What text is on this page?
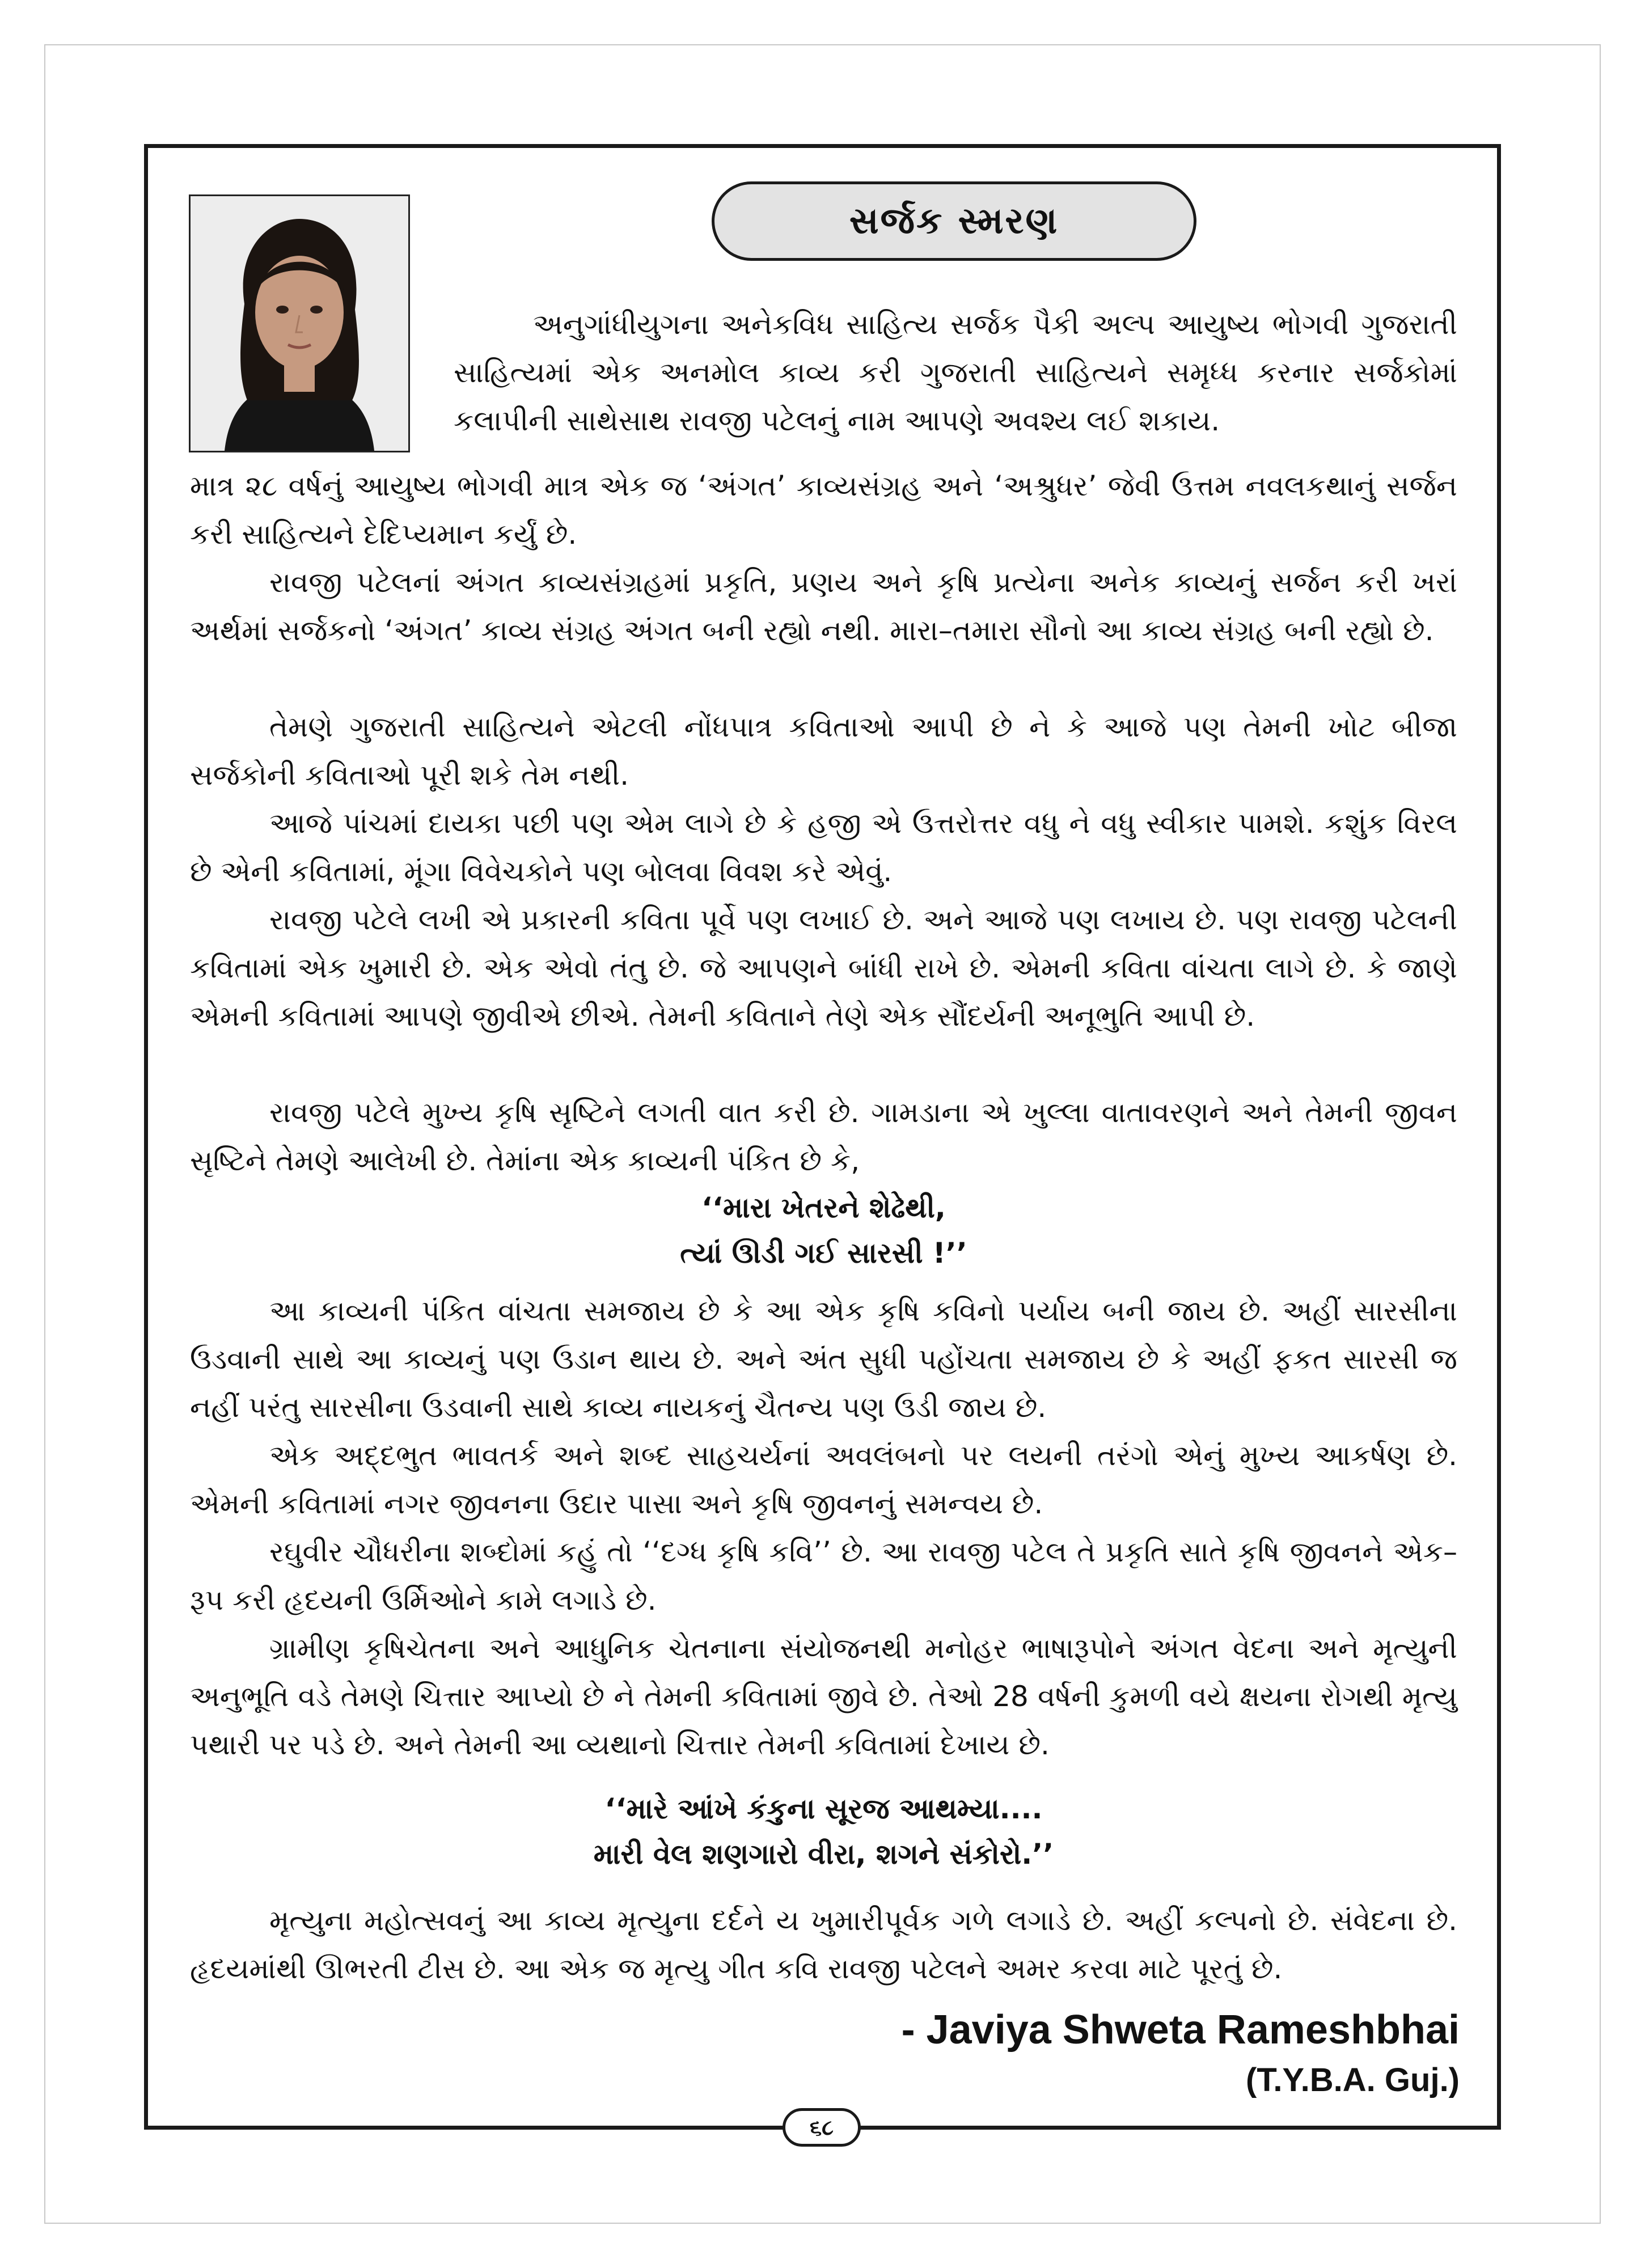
સર્જક સ્મરણ

અનુગાંધીયુગના અનેકવિધ સાહિત્ય સર્જક પૈકી અલ્પ આયુષ્ય ભોગવી ગુજરાતી સાહિત્યમાં એક અનમોલ કાવ્ય કરી ગુજરાતી સાહિત્યને સમૃધ્ધ કરનાર સર્જકોમાં કલાપીની સાથેસાથ રાવજી પટેલનું નામ આપણે અવશ્ય લઈ શકાય.

માત્ર ૨૮ વર્ષનું આયુષ્ય ભોગવી માત્ર એક જ ‘અંગત’ કાવ્યસંગ્રહ અને ‘અશ્રુધર’ જેવી ઉત્તમ નવલકથાનું સર્જન કરી સાહિત્યને દેદિપ્યમાન કર્યું છે.

રાવજી પટેલનાં અંગત કાવ્યસંગ્રહમાં પ્રકૃતિ, પ્રણય અને કૃષિ પ્રત્યેના અનેક કાવ્યનું સર્જન કરી ખરાં અર્થમાં સર્જકનો ‘અંગત’ કાવ્ય સંગ્રહ અંગત બની રહ્યો નથી. મારા–તમારા સૌનો આ કાવ્ય સંગ્રહ બની રહ્યો છે.

તેમણે ગુજરાતી સાહિત્યને એટલી નોંધપાત્ર કવિતાઓ આપી છે ને કે આજે પણ તેમની ખોટ બીજા સર્જકોની કવિતાઓ પૂરી શકે તેમ નથી.

આજે પાંચમાં દાયકા પછી પણ એમ લાગે છે કે હજી એ ઉત્તરોત્તર વધુ ને વધુ સ્વીકાર પામશે. કશુંક વિરલ છે એની કવિતામાં, મૂંગા વિવેચકોને પણ બોલવા વિવશ કરે એવું.

રાવજી પટેલે લખી એ પ્રકારની કવિતા પૂર્વે પણ લખાઈ છે. અને આજે પણ લખાય છે. પણ રાવજી પટેલની કવિતામાં એક ખુમારી છે. એક એવો તંતુ છે. જે આપણને બાંધી રાખે છે. એમની કવિતા વાંચતા લાગે છે. કે જાણે એમની કવિતામાં આપણે જીવીએ છીએ. તેમની કવિતાને તેણે એક સૌંદર્યની અનૂભુતિ આપી છે.

રાવજી પટેલે મુખ્ય કૃષિ સૃષ્ટિને લગતી વાત કરી છે. ગામડાના એ ખુલ્લા વાતાવરણને અને તેમની જીવન સૃષ્ટિને તેમણે આલેખી છે. તેમાંના એક કાવ્યની પંકિત છે કે,

‘‘મારા ખેતરને શેઢેથી,

ત્યાં ઊડી ગઈ સારસી !’’

આ કાવ્યની પંકિત વાંચતા સમજાય છે કે આ એક કૃષિ કવિનો પર્યાય બની જાય છે. અહીં સારસીના ઉડવાની સાથે આ કાવ્યનું પણ ઉડાન થાય છે. અને અંત સુધી પહોંચતા સમજાય છે કે અહીં ફકત સારસી જ નહીં પરંતુ સારસીના ઉડવાની સાથે કાવ્ય નાયકનું ચૈતન્ય પણ ઉડી જાય છે.

એક અદ્દભુત ભાવતર્ક અને શબ્દ સાહચર્યનાં અવલંબનો પર લયની તરંગો એનું મુખ્ય આકર્ષણ છે. એમની કવિતામાં નગર જીવનના ઉદાર પાસા અને કૃષિ જીવનનું સમન્વય છે.

રઘુવીર ચૌધરીના શબ્દોમાં કહું તો ‘‘દગ્ધ કૃષિ કવિ’’ છે. આ રાવજી પટેલ તે પ્રકૃતિ સાતે કૃષિ જીવનને એક–રૂપ કરી હૃદયની ઉર્મિઓને કામે લગાડે છે.

ગ્રામીણ કૃષિચેતના અને આધુનિક ચેતનાના સંયોજનથી મનોહર ભાષારૂપોને અંગત વેદના અને મૃત્યુની અનુભૂતિ વડે તેમણે ચિત્તાર આપ્યો છે ને તેમની કવિતામાં જીવે છે. તેઓ 28 વર્ષની કુમળી વયે ક્ષયના રોગથી મૃત્યુ પથારી પર પડે છે. અને તેમની આ વ્યથાનો ચિત્તાર તેમની કવિતામાં દેખાય છે.

‘‘મારે આંખે કંકુના સૂરજ આથમ્યા....

મારી વેલ શણગારો વીરા, શગને સંકોરો.’’

મૃત્યુના મહોત્સવનું આ કાવ્ય મૃત્યુના દર્દને ય ખુમારીપૂર્વક ગળે લગાડે છે. અહીં કલ્પનો છે. સંવેદના છે. હૃદયમાંથી ઊભરતી ટીસ છે. આ એક જ મૃત્યુ ગીત કવિ રાવજી પટેલને અમર કરવા માટે પૂરતું છે.

- Javiya Shweta Rameshbhai
(T.Y.B.A. Guj.)
૬૮
